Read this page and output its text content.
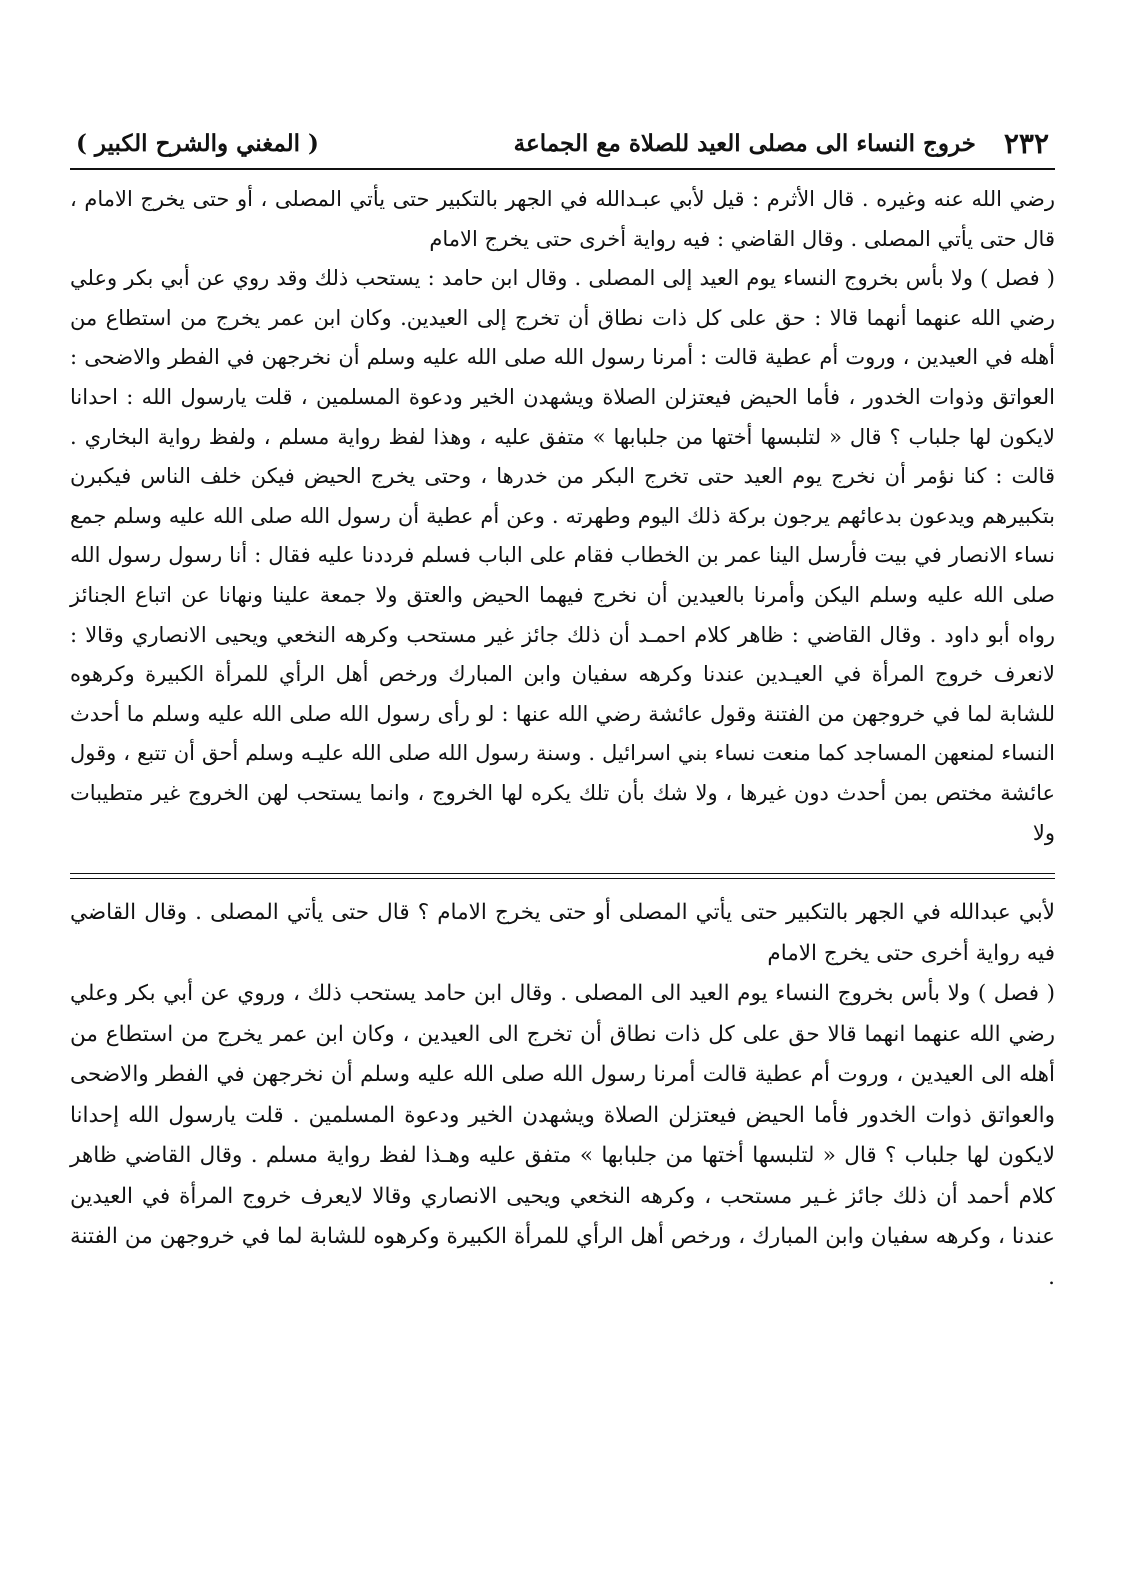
٢٣٢
خروج النساء الى مصلى العيد للصلاة مع الجماعة
( المغني والشرح الكبير )

رضي الله عنه وغيره . قال الأثرم : قيل لأبي عبـدالله في الجهر بالتكبير حتى يأتي المصلى ، أو حتى يخرج الامام ، قال حتى يأتي المصلى . وقال القاضي : فيه رواية أخرى حتى يخرج الامام

( فصل ) ولا بأس بخروج النساء يوم العيد إلى المصلى . وقال ابن حامد : يستحب ذلك وقد روي عن أبي بكر وعلي رضي الله عنهما أنهما قالا : حق على كل ذات نطاق أن تخرج إلى العيدين. وكان ابن عمر يخرج من استطاع من أهله في العيدين ، وروت أم عطية قالت : أمرنا رسول الله صلى الله عليه وسلم أن نخرجهن في الفطر والاضحى : العواتق وذوات الخدور ، فأما الحيض فيعتزلن الصلاة ويشهدن الخير ودعوة المسلمين ، قلت يارسول الله : احدانا لايكون لها جلباب ؟ قال « لتلبسها أختها من جلبابها » متفق عليه ، وهذا لفظ رواية مسلم ، ولفظ رواية البخاري . قالت : كنا نؤمر أن نخرج يوم العيد حتى تخرج البكر من خدرها ، وحتى يخرج الحيض فيكن خلف الناس فيكبرن بتكبيرهم ويدعون بدعائهم يرجون بركة ذلك اليوم وطهرته . وعن أم عطية أن رسول الله صلى الله عليه وسلم جمع نساء الانصار في بيت فأرسل الينا عمر بن الخطاب فقام على الباب فسلم فرددنا عليه فقال : أنا رسول رسول الله صلى الله عليه وسلم اليكن وأمرنا بالعيدين أن نخرج فيهما الحيض والعتق ولا جمعة علينا ونهانا عن اتباع الجنائز رواه أبو داود . وقال القاضي : ظاهر كلام احمـد أن ذلك جائز غير مستحب وكرهه النخعي ويحيى الانصاري وقالا : لانعرف خروج المرأة في العيـدين عندنا وكرهه سفيان وابن المبارك ورخص أهل الرأي للمرأة الكبيرة وكرهوه للشابة لما في خروجهن من الفتنة وقول عائشة رضي الله عنها : لو رأى رسول الله صلى الله عليه وسلم ما أحدث النساء لمنعهن المساجد كما منعت نساء بني اسرائيل . وسنة رسول الله صلى الله عليـه وسلم أحق أن تتبع ، وقول عائشة مختص بمن أحدث دون غيرها ، ولا شك بأن تلك يكره لها الخروج ، وانما يستحب لهن الخروج غير متطيبات ولا

لأبي عبدالله في الجهر بالتكبير حتى يأتي المصلى أو حتى يخرج الامام ؟ قال حتى يأتي المصلى . وقال القاضي فيه رواية أخرى حتى يخرج الامام

( فصل ) ولا بأس بخروج النساء يوم العيد الى المصلى . وقال ابن حامد يستحب ذلك ، وروي عن أبي بكر وعلي رضي الله عنهما انهما قالا حق على كل ذات نطاق أن تخرج الى العيدين ، وكان ابن عمر يخرج من استطاع من أهله الى العيدين ، وروت أم عطية قالت أمرنا رسول الله صلى الله عليه وسلم أن نخرجهن في الفطر والاضحى والعواتق ذوات الخدور فأما الحيض فيعتزلن الصلاة ويشهدن الخير ودعوة المسلمين . قلت يارسول الله إحدانا لايكون لها جلباب ؟ قال « لتلبسها أختها من جلبابها » متفق عليه وهـذا لفظ رواية مسلم . وقال القاضي ظاهر كلام أحمد أن ذلك جائز غـير مستحب ، وكرهه النخعي ويحيى الانصاري وقالا لايعرف خروج المرأة في العيدين عندنا ، وكرهه سفيان وابن المبارك ، ورخص أهل الرأي للمرأة الكبيرة وكرهوه للشابة لما في خروجهن من الفتنة .
